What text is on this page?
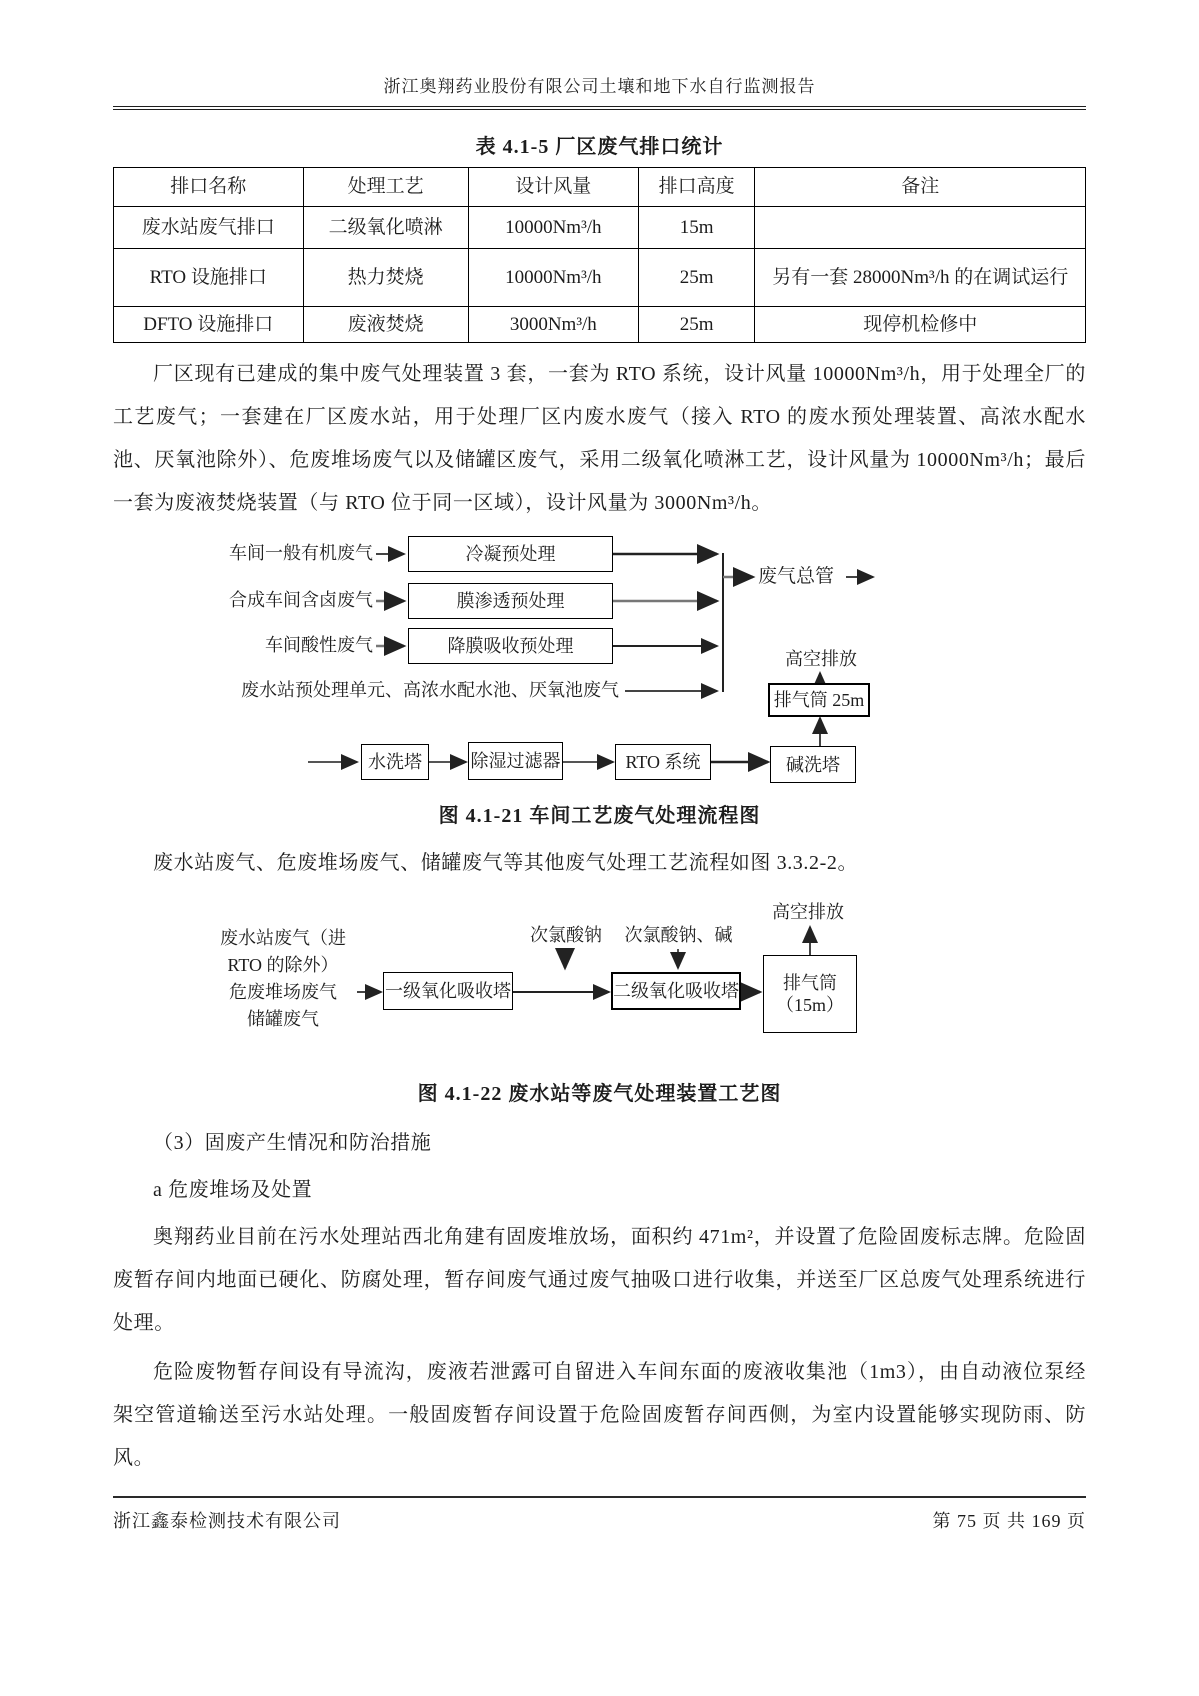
浙江奥翔药业股份有限公司土壤和地下水自行监测报告
表 4.1-5 厂区废气排口统计
排口名称	处理工艺	设计风量	排口高度	备注
废水站废气排口	二级氧化喷淋	10000Nm³/h	15m	
RTO 设施排口	热力焚烧	10000Nm³/h	25m	另有一套 28000Nm³/h 的在调试运行
DFTO 设施排口	废液焚烧	3000Nm³/h	25m	现停机检修中

厂区现有已建成的集中废气处理装置 3 套，一套为 RTO 系统，设计风量 10000Nm³/h，用于处理全厂的工艺废气；一套建在厂区废水站，用于处理厂区内废水废气（接入 RTO 的废水预处理装置、高浓水配水池、厌氧池除外）、危废堆场废气以及储罐区废气，采用二级氧化喷淋工艺，设计风量为 10000Nm³/h；最后一套为废液焚烧装置（与 RTO 位于同一区域），设计风量为 3000Nm³/h。

车间一般有机废气
合成车间含卤废气
车间酸性废气
废水站预处理单元、高浓水配水池、厌氧池废气
冷凝预处理
膜渗透预处理
降膜吸收预处理
废气总管
高空排放
排气筒 25m
水洗塔	除湿过滤器	RTO 系统	碱洗塔
图 4.1-21 车间工艺废气处理流程图

废水站废气、危废堆场废气、储罐废气等其他废气处理工艺流程如图 3.3.2-2。

高空排放
废水站废气（进
RTO 的除外）
危废堆场废气
储罐废气
次氯酸钠	次氯酸钠、碱
一级氧化吸收塔	二级氧化吸收塔 排气筒
（15m）
图 4.1-22 废水站等废气处理装置工艺图

（3）固废产生情况和防治措施

a 危废堆场及处置

奥翔药业目前在污水处理站西北角建有固废堆放场，面积约 471m²，并设置了危险固废标志牌。危险固废暂存间内地面已硬化、防腐处理，暂存间废气通过废气抽吸口进行收集，并送至厂区总废气处理系统进行处理。

危险废物暂存间设有导流沟，废液若泄露可自留进入车间东面的废液收集池（1m3），由自动液位泵经架空管道输送至污水站处理。一般固废暂存间设置于危险固废暂存间西侧，为室内设置能够实现防雨、防风。

浙江鑫泰检测技术有限公司	第 75 页 共 169 页
